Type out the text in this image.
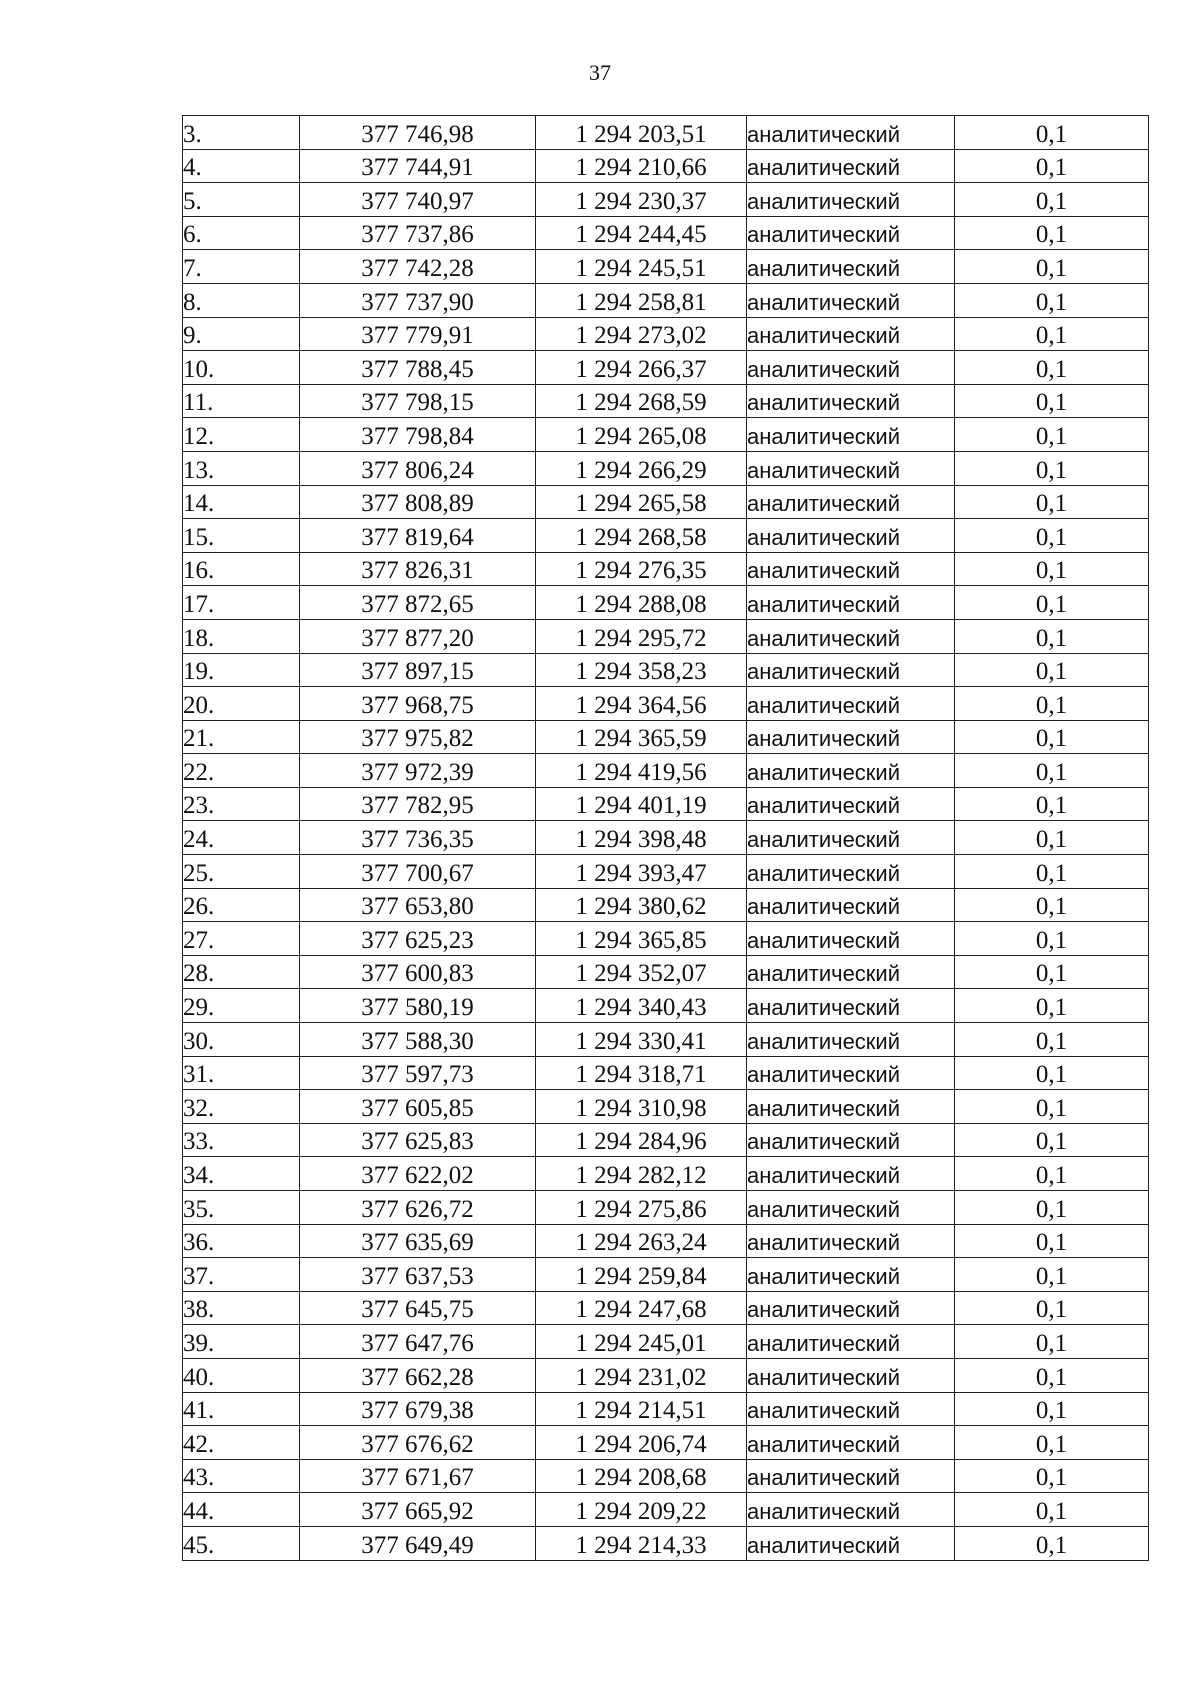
37
3.	377 746,98	1 294 203,51	аналитический	0,1
4.	377 744,91	1 294 210,66	аналитический	0,1
5.	377 740,97	1 294 230,37	аналитический	0,1
6.	377 737,86	1 294 244,45	аналитический	0,1
7.	377 742,28	1 294 245,51	аналитический	0,1
8.	377 737,90	1 294 258,81	аналитический	0,1
9.	377 779,91	1 294 273,02	аналитический	0,1
10.	377 788,45	1 294 266,37	аналитический	0,1
11.	377 798,15	1 294 268,59	аналитический	0,1
12.	377 798,84	1 294 265,08	аналитический	0,1
13.	377 806,24	1 294 266,29	аналитический	0,1
14.	377 808,89	1 294 265,58	аналитический	0,1
15.	377 819,64	1 294 268,58	аналитический	0,1
16.	377 826,31	1 294 276,35	аналитический	0,1
17.	377 872,65	1 294 288,08	аналитический	0,1
18.	377 877,20	1 294 295,72	аналитический	0,1
19.	377 897,15	1 294 358,23	аналитический	0,1
20.	377 968,75	1 294 364,56	аналитический	0,1
21.	377 975,82	1 294 365,59	аналитический	0,1
22.	377 972,39	1 294 419,56	аналитический	0,1
23.	377 782,95	1 294 401,19	аналитический	0,1
24.	377 736,35	1 294 398,48	аналитический	0,1
25.	377 700,67	1 294 393,47	аналитический	0,1
26.	377 653,80	1 294 380,62	аналитический	0,1
27.	377 625,23	1 294 365,85	аналитический	0,1
28.	377 600,83	1 294 352,07	аналитический	0,1
29.	377 580,19	1 294 340,43	аналитический	0,1
30.	377 588,30	1 294 330,41	аналитический	0,1
31.	377 597,73	1 294 318,71	аналитический	0,1
32.	377 605,85	1 294 310,98	аналитический	0,1
33.	377 625,83	1 294 284,96	аналитический	0,1
34.	377 622,02	1 294 282,12	аналитический	0,1
35.	377 626,72	1 294 275,86	аналитический	0,1
36.	377 635,69	1 294 263,24	аналитический	0,1
37.	377 637,53	1 294 259,84	аналитический	0,1
38.	377 645,75	1 294 247,68	аналитический	0,1
39.	377 647,76	1 294 245,01	аналитический	0,1
40.	377 662,28	1 294 231,02	аналитический	0,1
41.	377 679,38	1 294 214,51	аналитический	0,1
42.	377 676,62	1 294 206,74	аналитический	0,1
43.	377 671,67	1 294 208,68	аналитический	0,1
44.	377 665,92	1 294 209,22	аналитический	0,1
45.	377 649,49	1 294 214,33	аналитический	0,1
